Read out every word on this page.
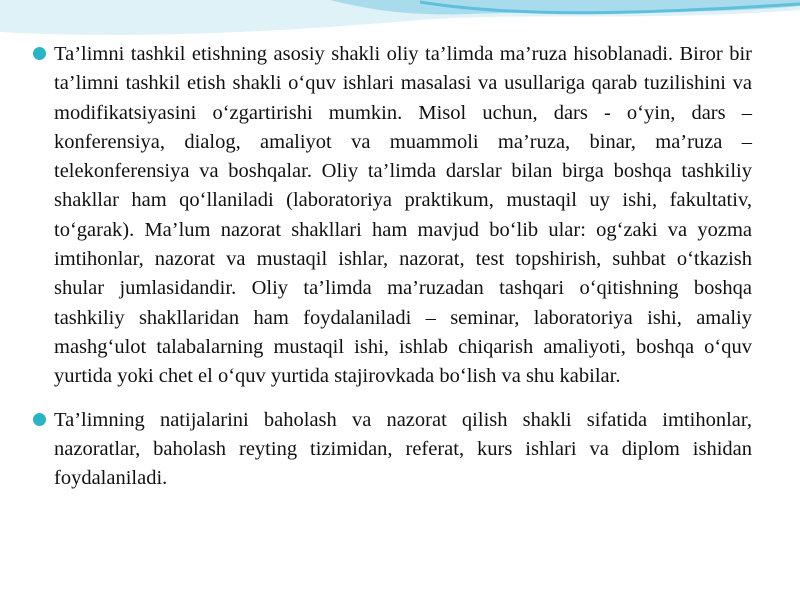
Ta’limni tashkil etishning asosiy shakli oliy ta’limda ma’ruza hisoblanadi. Biror bir ta’limni tashkil etish shakli o‘quv ishlari masalasi va usullariga qarab tuzilishini va modifikatsiyasini o‘zgartirishi mumkin. Misol uchun, dars - o‘yin, dars – konferensiya, dialog, amaliyot va muammoli ma’ruza, binar, ma’ruza – telekonferensiya va boshqalar. Oliy ta’limda darslar bilan birga boshqa tashkiliy shakllar ham qo‘llaniladi (laboratoriya praktikum, mustaqil uy ishi, fakultativ, to‘garak). Ma’lum nazorat shakllari ham mavjud bo‘lib ular: og‘zaki va yozma imtihonlar, nazorat va mustaqil ishlar, nazorat, test topshirish, suhbat o‘tkazish shular jumlasidandir. Oliy ta’limda ma’ruzadan tashqari o‘qitishning boshqa tashkiliy shakllaridan ham foydalaniladi – seminar, laboratoriya ishi, amaliy mashg‘ulot talabalarning mustaqil ishi, ishlab chiqarish amaliyoti, boshqa o‘quv yurtida yoki chet el o‘quv yurtida stajirovkada bo‘lish va shu kabilar.

Ta’limning natijalarini baholash va nazorat qilish shakli sifatida imtihonlar, nazoratlar, baholash reyting tizimidan, referat, kurs ishlari va diplom ishidan foydalaniladi.
